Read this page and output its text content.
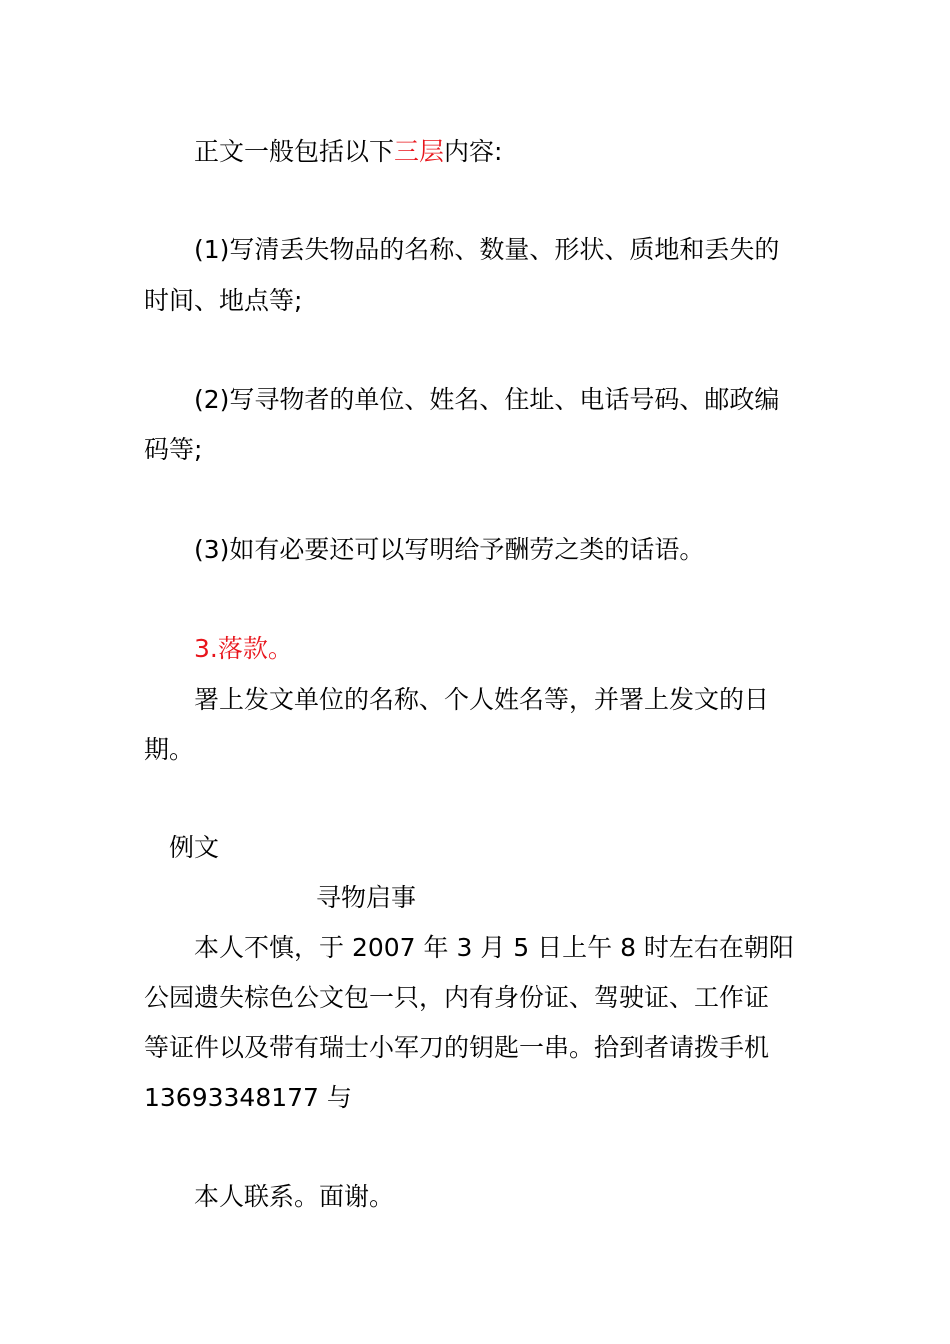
正文一般包括以下三层内容:
(1)写清丢失物品的名称、数量、形状、质地和丢失的
时间、地点等;
(2)写寻物者的单位、姓名、住址、电话号码、邮政编
码等;
(3)如有必要还可以写明给予酬劳之类的话语。
3.落款。
署上发文单位的名称、个人姓名等，并署上发文的日
期。
例文
寻物启事
本人不慎，于 2007 年 3 月 5 日上午 8 时左右在朝阳
公园遗失棕色公文包一只，内有身份证、驾驶证、工作证
等证件以及带有瑞士小军刀的钥匙一串。拾到者请拨手机
13693348177 与
本人联系。面谢。
